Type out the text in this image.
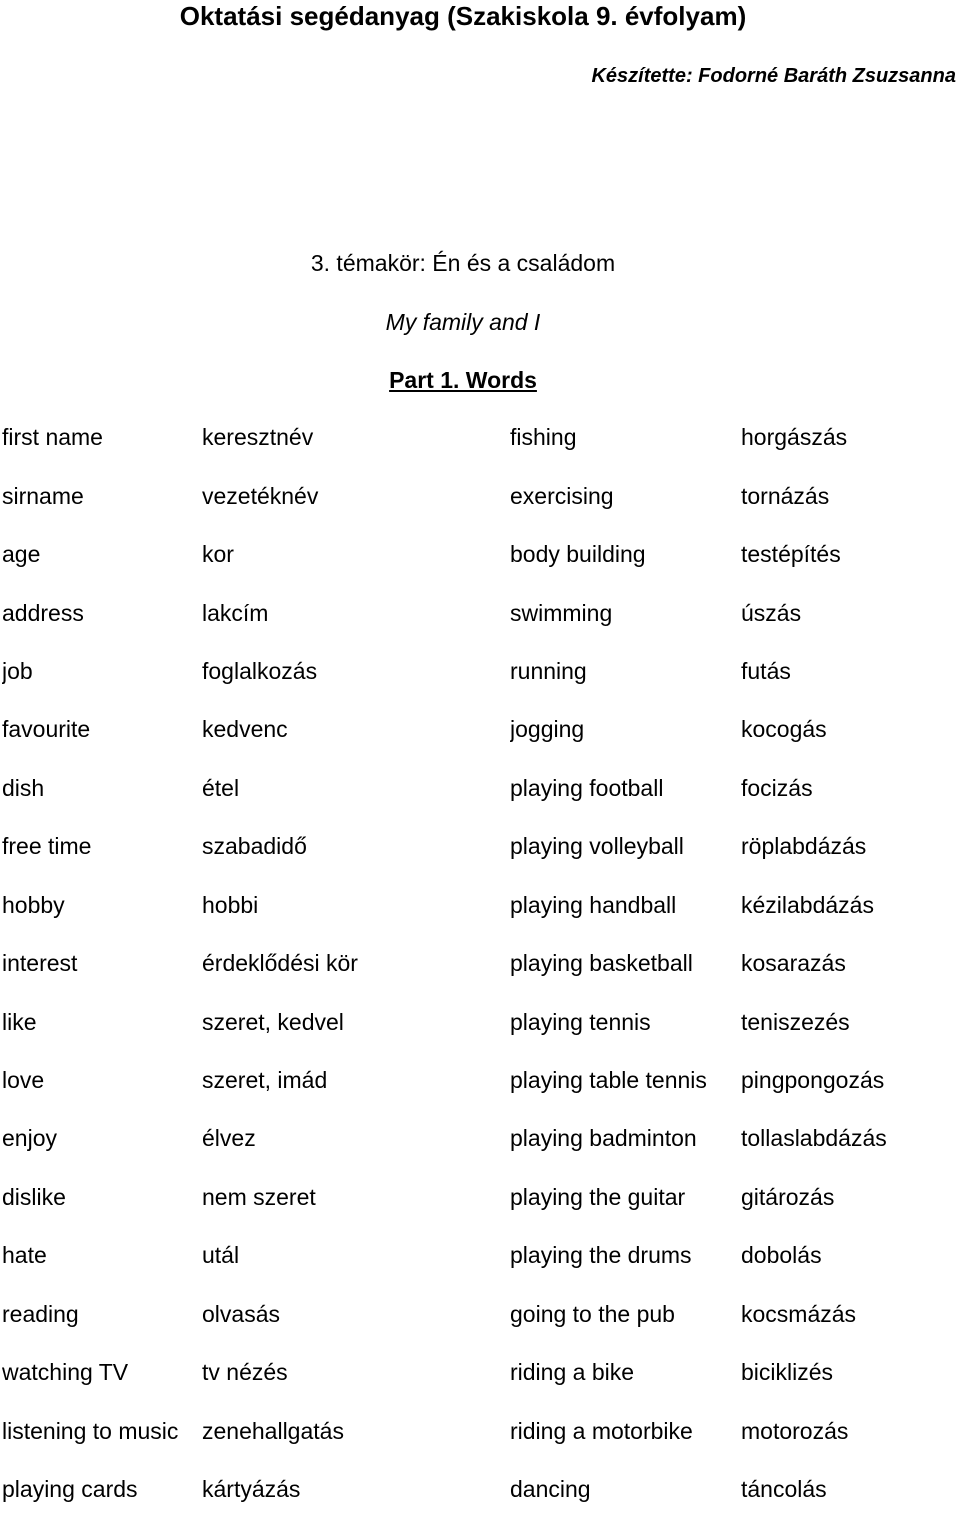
Oktatási segédanyag (Szakiskola 9. évfolyam)

Készítette: Fodorné Baráth Zsuzsanna

3. témakör: Én és a családom

My family and I

Part 1. Words

first name	keresztnév	fishing	horgászás
sirname	vezetéknév	exercising	tornázás
age	kor	body building	testépítés
address	lakcím	swimming	úszás
job	foglalkozás	running	futás
favourite	kedvenc	jogging	kocogás
dish	étel	playing football	focizás
free time	szabadidő	playing volleyball	röplabdázás
hobby	hobbi	playing handball	kézilabdázás
interest	érdeklődési kör	playing basketball	kosarazás
like	szeret, kedvel	playing tennis	teniszezés
love	szeret, imád	playing table tennis	pingpongozás
enjoy	élvez	playing badminton	tollaslabdázás
dislike	nem szeret	playing the guitar	gitározás
hate	utál	playing the drums	dobolás
reading	olvasás	going to the pub	kocsmázás
watching TV	tv nézés	riding a bike	biciklizés
listening to music	zenehallgatás	riding a motorbike	motorozás
playing cards	kártyázás	dancing	táncolás
